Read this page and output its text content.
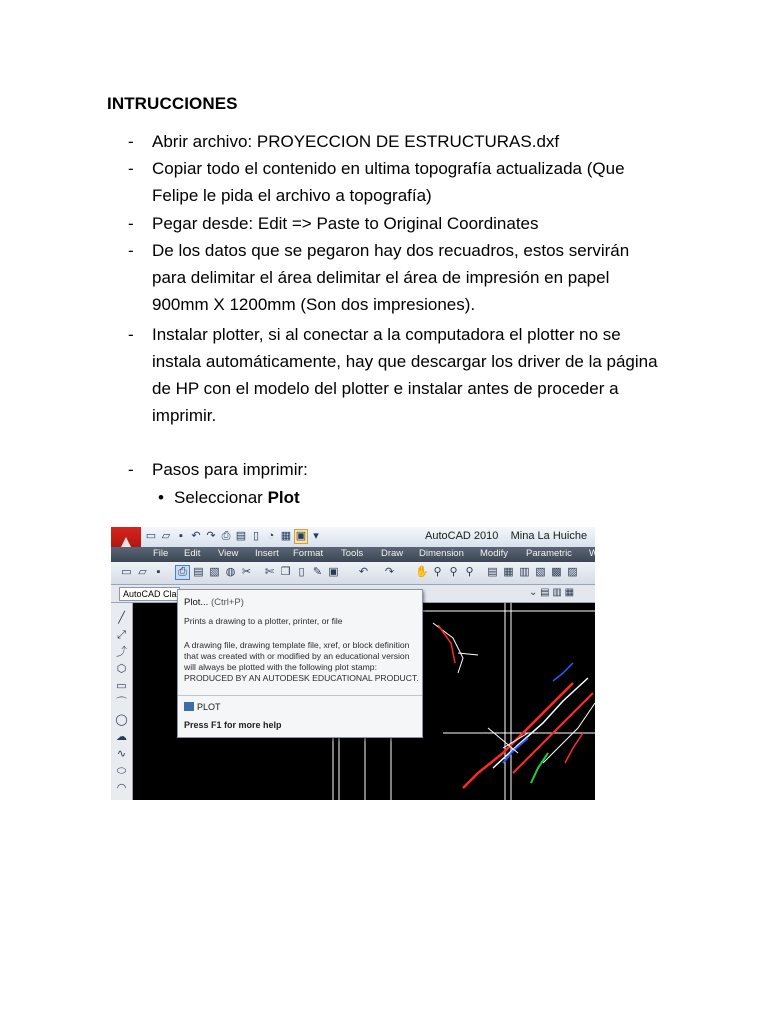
INTRUCCIONES
-	Abrir archivo: PROYECCION DE ESTRUCTURAS.dxf
-	Copiar todo el contenido en ultima topografía actualizada (Que Felipe le pida el archivo a topografía)
-	Pegar desde: Edit => Paste to Original Coordinates
-	De los datos que se pegaron hay dos recuadros, estos servirán para delimitar el área delimitar el área de impresión en papel 900mm X 1200mm (Son dos impresiones).
-	Instalar plotter, si al conectar a la computadora el plotter no se instala automáticamente, hay que descargar los driver de la página de HP con el modelo del plotter e instalar antes de proceder a imprimir.
-	Pasos para imprimir:
• Seleccionar Plot
▭ ▱ ▪ ↶ ↷ ⎙ ▤ ▯ ◔ ▦ ▣ ▾	AutoCAD 2010 Mina La Huiche
File Edit View Insert Format Tools Draw Dimension Modify Parametric W
▭ ▱ ▪	⎙ ▤ ▧ ◍ ✂ ✄ ❐ ▯ ✎ ▣ ↶ ↷ ✋ ⚲ ⚲ ⚲ ▤ ▦ ▥ ▧ ▩ ▨
AutoCAD Cla	⌄ ▤ ▥ ▦
╱
⤢
⤴
⬡
▭
⌒
◯
☁
∿
⬭
◠
Plot... (Ctrl+P)
Prints a drawing to a plotter, printer, or file
A drawing file, drawing template file, xref, or block definition that was created with or modified by an educational version will always be plotted with the following plot stamp: PRODUCED BY AN AUTODESK EDUCATIONAL PRODUCT.
PLOT
Press F1 for more help
